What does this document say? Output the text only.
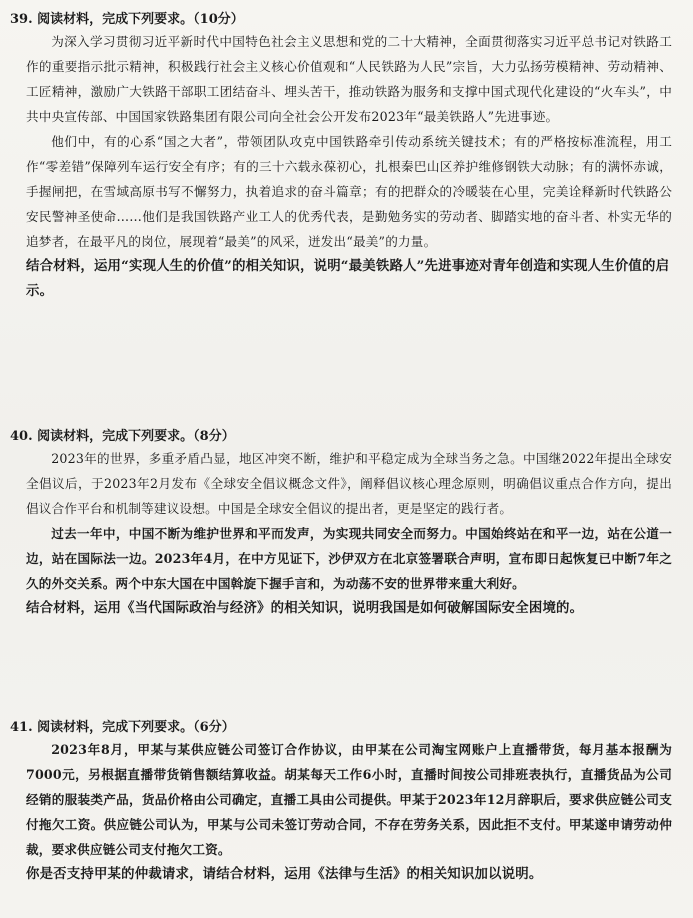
39. 阅读材料，完成下列要求。（10分）

为深入学习贯彻习近平新时代中国特色社会主义思想和党的二十大精神，全面贯彻落实习近平总书记对铁路工作的重要指示批示精神，积极践行社会主义核心价值观和“人民铁路为人民”宗旨，大力弘扬劳模精神、劳动精神、工匠精神，激励广大铁路干部职工团结奋斗、埋头苦干，推动铁路为服务和支撑中国式现代化建设的“火车头”，中共中央宣传部、中国国家铁路集团有限公司向全社会公开发布2023年“最美铁路人”先进事迹。

他们中，有的心系“国之大者”，带领团队攻克中国铁路牵引传动系统关键技术；有的严格按标准流程，用工作“零差错”保障列车运行安全有序；有的三十六载永葆初心，扎根秦巴山区养护维修钢铁大动脉；有的满怀赤诚，手握闸把，在雪域高原书写不懈努力，执着追求的奋斗篇章；有的把群众的冷暖装在心里，完美诠释新时代铁路公安民警神圣使命……他们是我国铁路产业工人的优秀代表，是勤勉务实的劳动者、脚踏实地的奋斗者、朴实无华的追梦者，在最平凡的岗位，展现着“最美”的风采，迸发出“最美”的力量。

结合材料，运用“实现人生的价值”的相关知识，说明“最美铁路人”先进事迹对青年创造和实现人生价值的启示。

40. 阅读材料，完成下列要求。（8分）

2023年的世界，多重矛盾凸显，地区冲突不断，维护和平稳定成为全球当务之急。中国继2022年提出全球安全倡议后，于2023年2月发布《全球安全倡议概念文件》，阐释倡议核心理念原则，明确倡议重点合作方向，提出倡议合作平台和机制等建议设想。中国是全球安全倡议的提出者，更是坚定的践行者。

过去一年中，中国不断为维护世界和平而发声，为实现共同安全而努力。中国始终站在和平一边，站在公道一边，站在国际法一边。2023年4月，在中方见证下，沙伊双方在北京签署联合声明，宣布即日起恢复已中断7年之久的外交关系。两个中东大国在中国斡旋下握手言和，为动荡不安的世界带来重大利好。

结合材料，运用《当代国际政治与经济》的相关知识，说明我国是如何破解国际安全困境的。

41. 阅读材料，完成下列要求。（6分）

2023年8月，甲某与某供应链公司签订合作协议，由甲某在公司淘宝网账户上直播带货，每月基本报酬为7000元，另根据直播带货销售额结算收益。胡某每天工作6小时，直播时间按公司排班表执行，直播货品为公司经销的服装类产品，货品价格由公司确定，直播工具由公司提供。甲某于2023年12月辞职后，要求供应链公司支付拖欠工资。供应链公司认为，甲某与公司未签订劳动合同，不存在劳务关系，因此拒不支付。甲某遂申请劳动仲裁，要求供应链公司支付拖欠工资。

你是否支持甲某的仲裁请求，请结合材料，运用《法律与生活》的相关知识加以说明。
